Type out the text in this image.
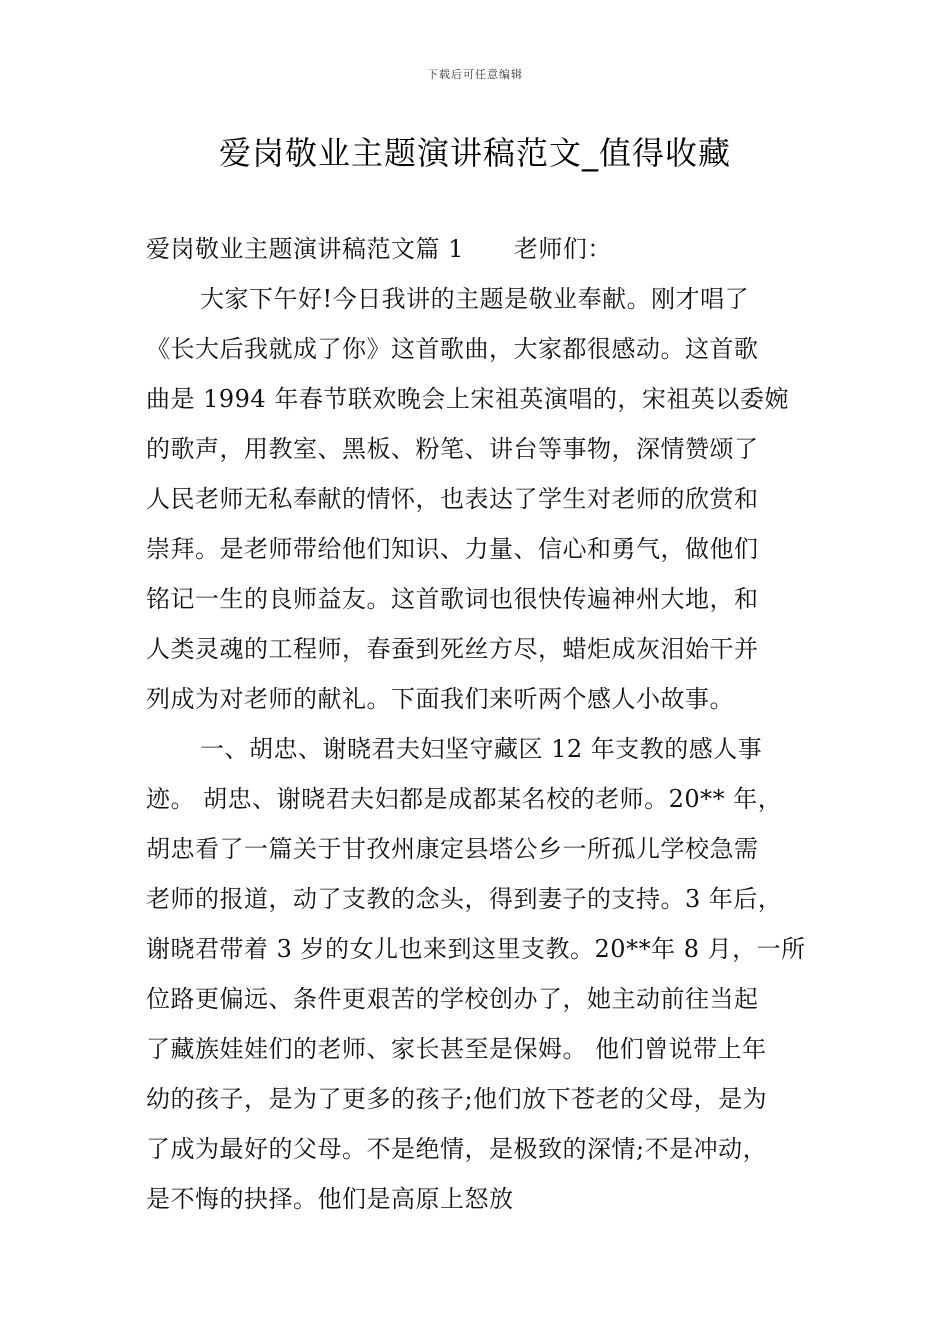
下载后可任意编辑
爱岗敬业主题演讲稿范文_值得收藏
爱岗敬业主题演讲稿范文篇 1 老师们：
大家下午好!今日我讲的主题是敬业奉献。刚才唱了
《长大后我就成了你》这首歌曲，大家都很感动。这首歌
曲是 1994 年春节联欢晚会上宋祖英演唱的，宋祖英以委婉
的歌声，用教室、黑板、粉笔、讲台等事物，深情赞颂了
人民老师无私奉献的情怀，也表达了学生对老师的欣赏和
崇拜。是老师带给他们知识、力量、信心和勇气，做他们
铭记一生的良师益友。这首歌词也很快传遍神州大地，和
人类灵魂的工程师，春蚕到死丝方尽，蜡炬成灰泪始干并
列成为对老师的献礼。下面我们来听两个感人小故事。
一、胡忠、谢晓君夫妇坚守藏区 12 年支教的感人事
迹。 胡忠、谢晓君夫妇都是成都某名校的老师。20** 年，
胡忠看了一篇关于甘孜州康定县塔公乡一所孤儿学校急需
老师的报道，动了支教的念头，得到妻子的支持。3 年后，
谢晓君带着 3 岁的女儿也来到这里支教。20**年 8 月，一所
位路更偏远、条件更艰苦的学校创办了，她主动前往当起
了藏族娃娃们的老师、家长甚至是保姆。 他们曾说带上年
幼的孩子，是为了更多的孩子;他们放下苍老的父母，是为
了成为最好的父母。不是绝情，是极致的深情;不是冲动，
是不悔的抉择。他们是高原上怒放
